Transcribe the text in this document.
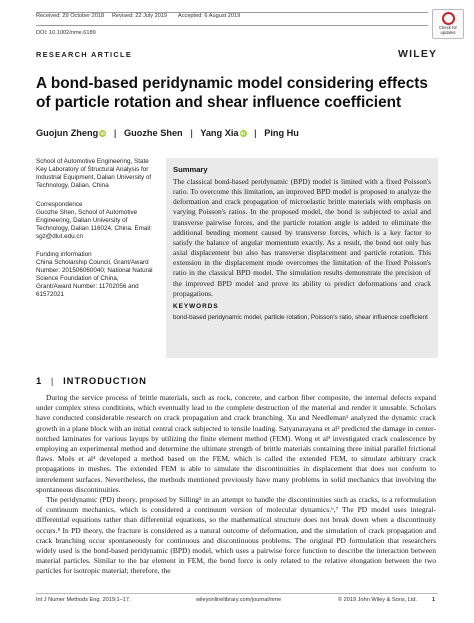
Received: 29 October 2018 Revised: 22 July 2019 Accepted: 6 August 2019
DOI: 10.1002/nme.6189
Check for updates
RESEARCH ARTICLE	WILEY
A bond-based peridynamic model considering effects of particle rotation and shear influence coefficient
Guojun Zheng iD | Guozhe Shen | Yang Xia iD | Ping Hu
School of Automotive Engineering, State Key Laboratory of Structural Analysis for Industrial Equipment, Dalian University of Technology, Dalian, China
Correspondence
Guozhe Shen, School of Automotive Engineering, Dalian University of Technology, Dalian 116024, China. Email: sgz@dlut.edu.cn
Funding information
China Scholarship Council, Grant/Award Number: 201506060040; National Natural Science Foundation of China, Grant/Award Number: 11702056 and 61572021
Summary
The classical bond-based peridynamic (BPD) model is limited with a fixed Poisson's ratio. To overcome this limitation, an improved BPD model is proposed to analyze the deformation and crack propagation of microelastic brittle materials with emphasis on varying Poisson's ratios. In the proposed model, the bond is subjected to axial and transverse pairwise forces, and the particle rotation angle is added to eliminate the additional bending moment caused by transverse forces, which is a key factor to satisfy the balance of angular momentum exactly. As a result, the bond not only has axial displacement but also has transverse displacement and particle rotation. This extension in the displacement mode overcomes the limitation of the fixed Poisson's ratio in the classical BPD model. The simulation results demonstrate the precision of the improved BPD model and prove its ability to predict deformations and crack propagations.
KEYWORDS
bond-based peridynamic model, particle rotation, Poisson's ratio, shear influence coefficient
1 | INTRODUCTION

During the service process of brittle materials, such as rock, concrete, and carbon fiber composite, the internal defects expand under complex stress conditions, which eventually lead to the complete destruction of the material and render it unusable. Scholars have conducted considerable research on crack propagation and crack branching. Xu and Needleman¹ analyzed the dynamic crack growth in a plane block with an initial central crack subjected to tensile loading. Satyanarayana et al² predicted the damage in center-notched laminates for various layups by utilizing the finite element method (FEM). Wong et al³ investigated crack coalescence by employing an experimental method and determine the ultimate strength of brittle materials containing three initial parallel frictional flaws. Moës et al⁴ developed a method based on the FEM, which is called the extended FEM, to simulate arbitrary crack propagations in meshes. The extended FEM is able to simulate the discontinuities in displacement that does not conform to interelement surfaces. Nevertheless, the methods mentioned previously have many problems in solid mechanics that involving the spontaneous discontinuities.

The peridynamic (PD) theory, proposed by Silling⁵ in an attempt to handle the discontinuities such as cracks, is a reformulation of continuum mechanics, which is considered a continuum version of molecular dynamics.⁶,⁷ The PD model uses integral-differential equations rather than differential equations, so the mathematical structure does not break down when a discontinuity occurs.⁸ In PD theory, the fracture is considered as a natural outcome of deformation, and the simulation of crack propagation and crack branching occur spontaneously for continuous and discontinuous problems. The original PD formulation that researchers widely used is the bond-based peridynamic (BPD) model, which uses a pairwise force function to describe the interaction between material particles. Similar to the bar element in FEM, the bond force is only related to the relative elongation between the two particles for isotropic material; therefore, the

Int J Numer Methods Eng. 2019;1–17.	wileyonlinelibrary.com/journal/nme	© 2019 John Wiley & Sons, Ltd.	1
